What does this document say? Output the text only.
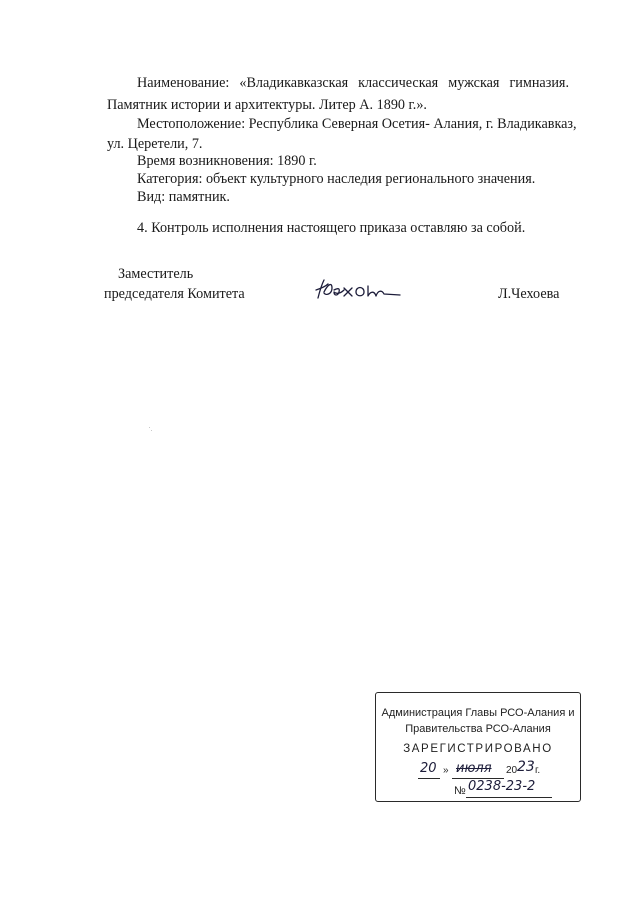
Наименование: «Владикавказская классическая мужская гимназия.
Памятник истории и архитектуры. Литер А. 1890 г.».
Местоположение: Республика Северная Осетия- Алания, г. Владикавказ,
ул. Церетели, 7.
Время возникновения: 1890 г.
Категория: объект культурного наследия регионального значения.
Вид: памятник.
4. Контроль исполнения настоящего приказа оставляю за собой.
Заместитель
председателя Комитета	Л.Чехоева
Администрация Главы РСО-Алания и
Правительства РСО-Алания
ЗАРЕГИСТРИРОВАНО
20 » июля 20 23 г.
№ 0238-23-2
